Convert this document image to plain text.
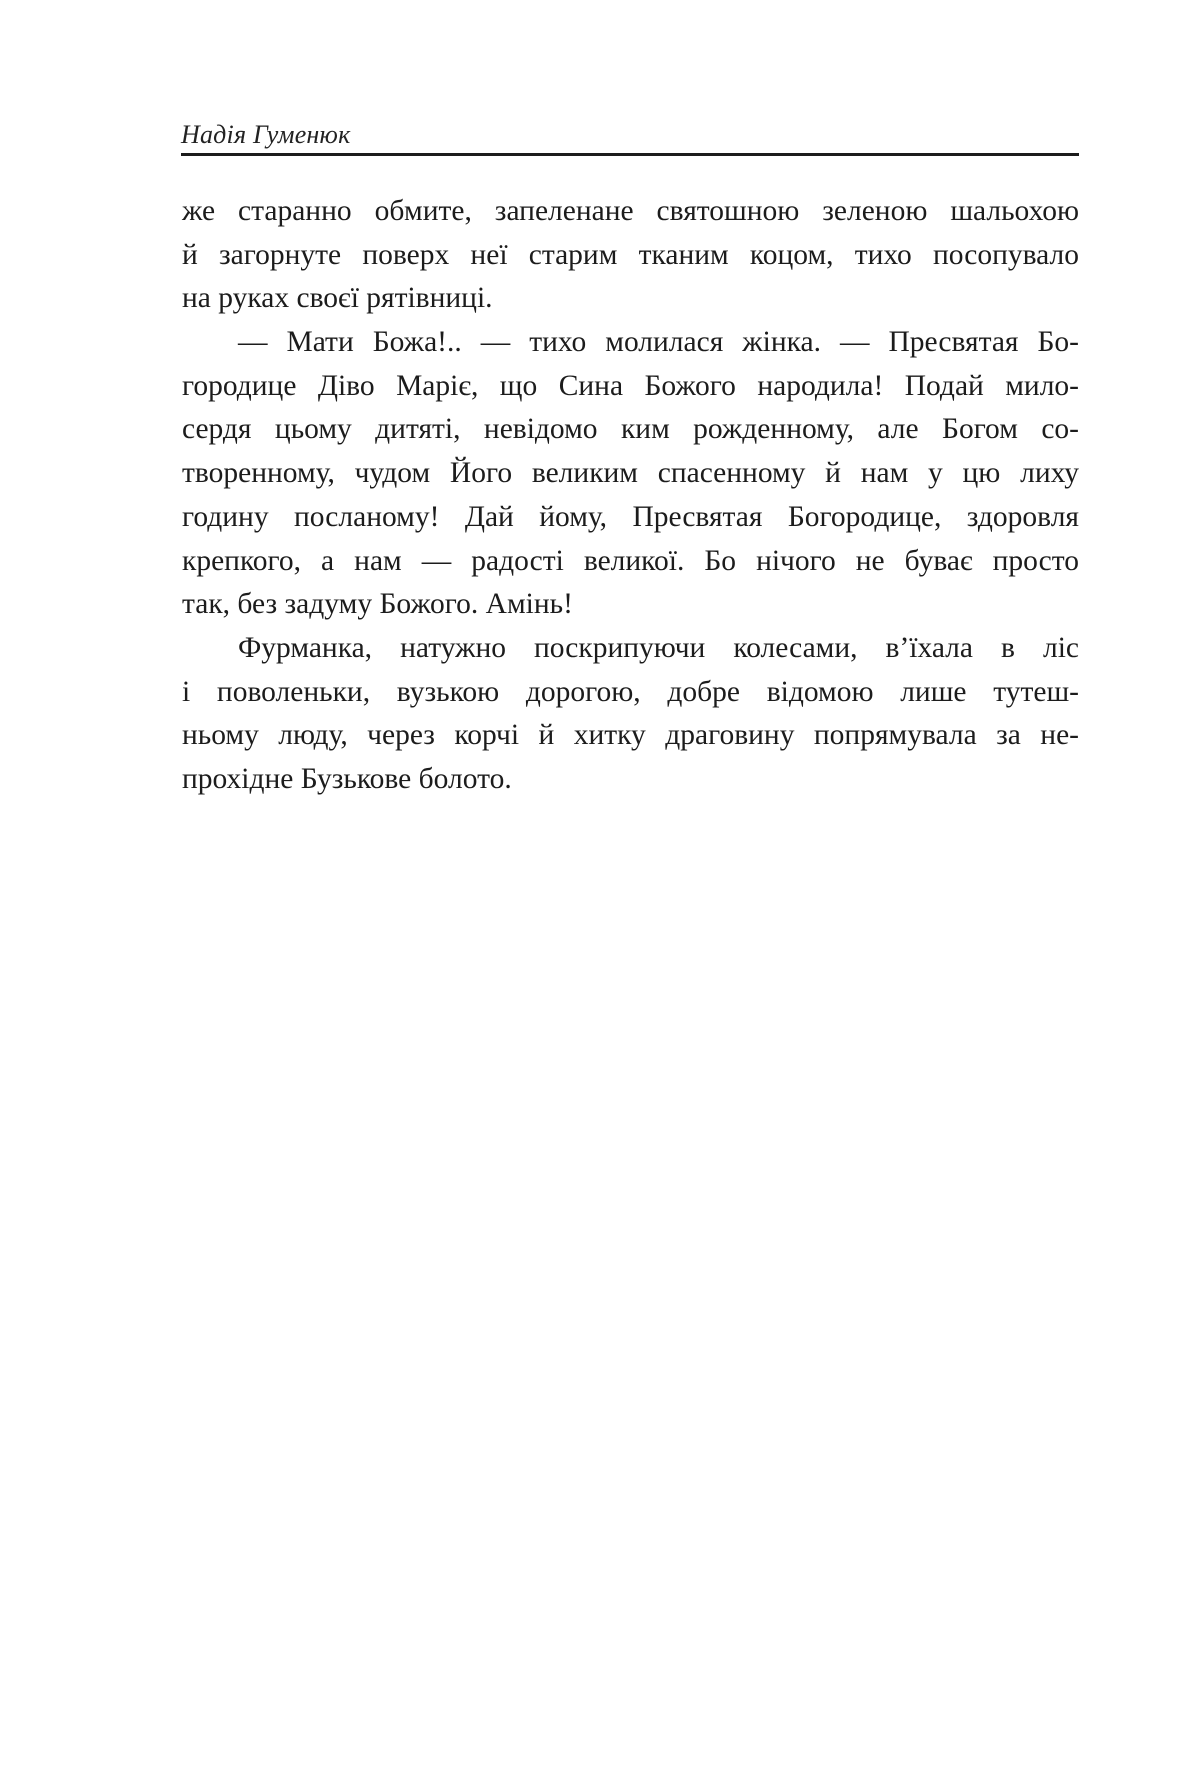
Надія Гуменюк
же старанно обмите, запеленане святошною зеленою шальохою
й загорнуте поверх неї старим тканим коцом, тихо посопувало
на руках своєї рятівниці.
— Мати Божа!.. — тихо молилася жінка. — Пресвятая Бо-
городице Діво Маріє, що Сина Божого народила! Подай мило-
сердя цьому дитяті, невідомо ким рожденному, але Богом со-
творенному, чудом Його великим спасенному й нам у цю лиху
годину посланому! Дай йому, Пресвятая Богородице, здоровля
крепкого, а нам — радості великої. Бо нічого не буває просто
так, без задуму Божого. Амінь!
Фурманка, натужно поскрипуючи колесами, в’їхала в ліс
і поволеньки, вузькою дорогою, добре відомою лише тутеш-
ньому люду, через корчі й хитку драговину попрямувала за не-
прохідне Бузькове болото.
